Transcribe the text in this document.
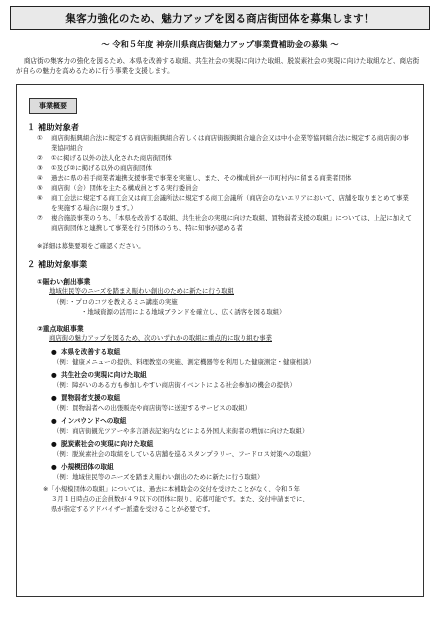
集客力強化のため、魅力アップを図る商店街団体を募集します！
～ 令和５年度 神奈川県商店街魅力アップ事業費補助金の募集 ～
商店街の集客力の強化を図るため、本県を改善する取組、共生社会の実現に向けた取組、脱炭素社会の実現に向けた取組など、商店街が自らの魅力を高めるために行う事業を支援します。
事業概要
１ 補助対象者
①	商店街振興組合法に規定する商店街振興組合若しくは商店街振興組合連合会又は中小企業等協同組合法に規定する商店街の事業協同組合
②	①に掲げる以外の法人化された商店街団体
③	①及び②に掲げる以外の商店街団体
④	過去に県の若手商業者連携支援事業で事業を実施し、また、その構成員が一市町村内に留まる商業者団体
⑤	商店街（会）団体を主たる構成員とする実行委員会
⑥	商工会法に規定する商工会又は商工会議所法に規定する商工会議所（商店会のないエリアにおいて、店舗を取りまとめて事業を実施する場合に限ります。）
⑦	複合施設事業のうち、「本県を改善する取組、共生社会の実現に向けた取組、買物弱者支援の取組」については、上記に加えて商店街団体と連携して事業を行う団体のうち、特に知事が認める者
※詳細は募集要項をご確認ください。
２ 補助対象事業
①賑わい創出事業
地域住民等のニーズを踏まえ賑わい創出のために新たに行う取組
（例：・プロのコツを教えるミニ講座の実施
・地域資源の活用による地域ブランドを確立し、広く誘客を図る取組）
②重点取組事業
商店街の魅力アップを図るため、次のいずれかの取組に重点的に取り組む事業
● 本県を改善する取組
（例：健康メニューの提供、料理教室の実施、測定機器等を利用した健康測定・健康相談）
● 共生社会の実現に向けた取組
（例：障がいのある方も参加しやすい商店街イベントによる社会参加の機会の提供）
● 買物弱者支援の取組
（例：買物弱者への出張販売や商店街等に送迎するサービスの取組）
● インバウンドへの取組
（例：商店街観光ツアーや多言語表記案内などによる外国人来街者の増加に向けた取組）
● 脱炭素社会の実現に向けた取組
（例：脱炭素社会の取組をしている店舗を巡るスタンプラリー、フードロス対策への取組）
● 小規模団体の取組
（例：地域住民等のニーズを踏まえ賑わい創出のために新たに行う取組）
※「小規模団体の取組」については、過去に本補助金の交付を受けたことがなく、令和５年
３月１日時点の正会員数が４９以下の団体に限り、応募可能です。また、交付申請までに、
県が指定するアドバイザー派遣を受けることが必要です。
